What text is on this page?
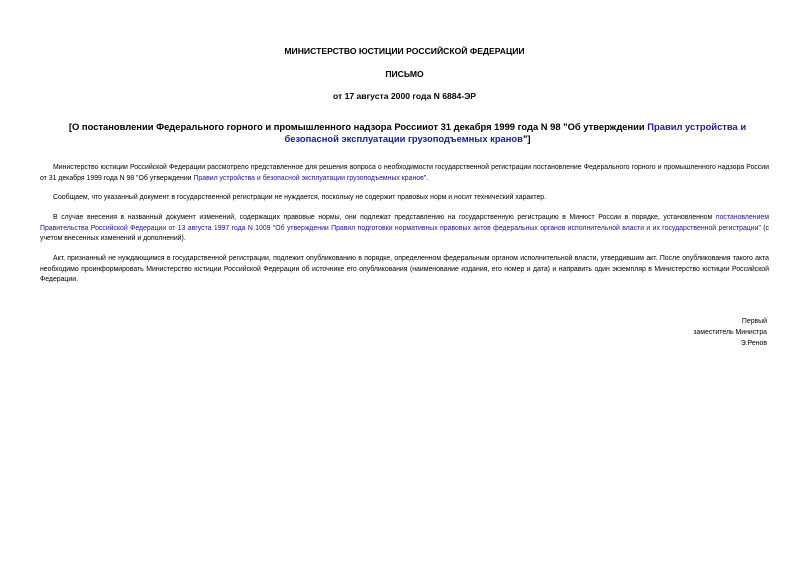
МИНИСТЕРСТВО ЮСТИЦИИ РОССИЙСКОЙ ФЕДЕРАЦИИ

ПИСЬМО

от 17 августа 2000 года N 6884-ЭР

[О постановлении Федерального горного и промышленного надзора Россииот 31 декабря 1999 года N 98 "Об утверждении Правил устройства и безопасной эксплуатации грузоподъемных кранов"]

Министерство юстиции Российской Федерации рассмотрело представленное для решения вопроса о необходимости государственной регистрации постановление Федерального горного и промышленного надзора России от 31 декабря 1999 года N 98 "Об утверждении Правил устройства и безопасной эксплуатации грузоподъемных кранов".

Сообщаем, что указанный документ в государственной регистрации не нуждается, поскольку не содержит правовых норм и носит технический характер.

В случае внесения в названный документ изменений, содержащих правовые нормы, они подлежат представлению на государственную регистрацию в Минюст России в порядке, установленном постановлением Правительства Российской Федерации от 13 августа 1997 года N 1009 "Об утверждении Правил подготовки нормативных правовых актов федеральных органов исполнительной власти и их государственной регистрации" (с учетом внесенных изменений и дополнений).

Акт, признанный не нуждающимся в государственной регистрации, подлежит опубликованию в порядке, определенном федеральным органом исполнительной власти, утвердившим акт. После опубликования такого акта необходимо проинформировать Министерство юстиции Российской Федерации об источнике его опубликования (наименование издания, его номер и дата) и направить один экземпляр в Министерство юстиции Российской Федерации.

Первый
заместитель Министра
Э.Ренов
